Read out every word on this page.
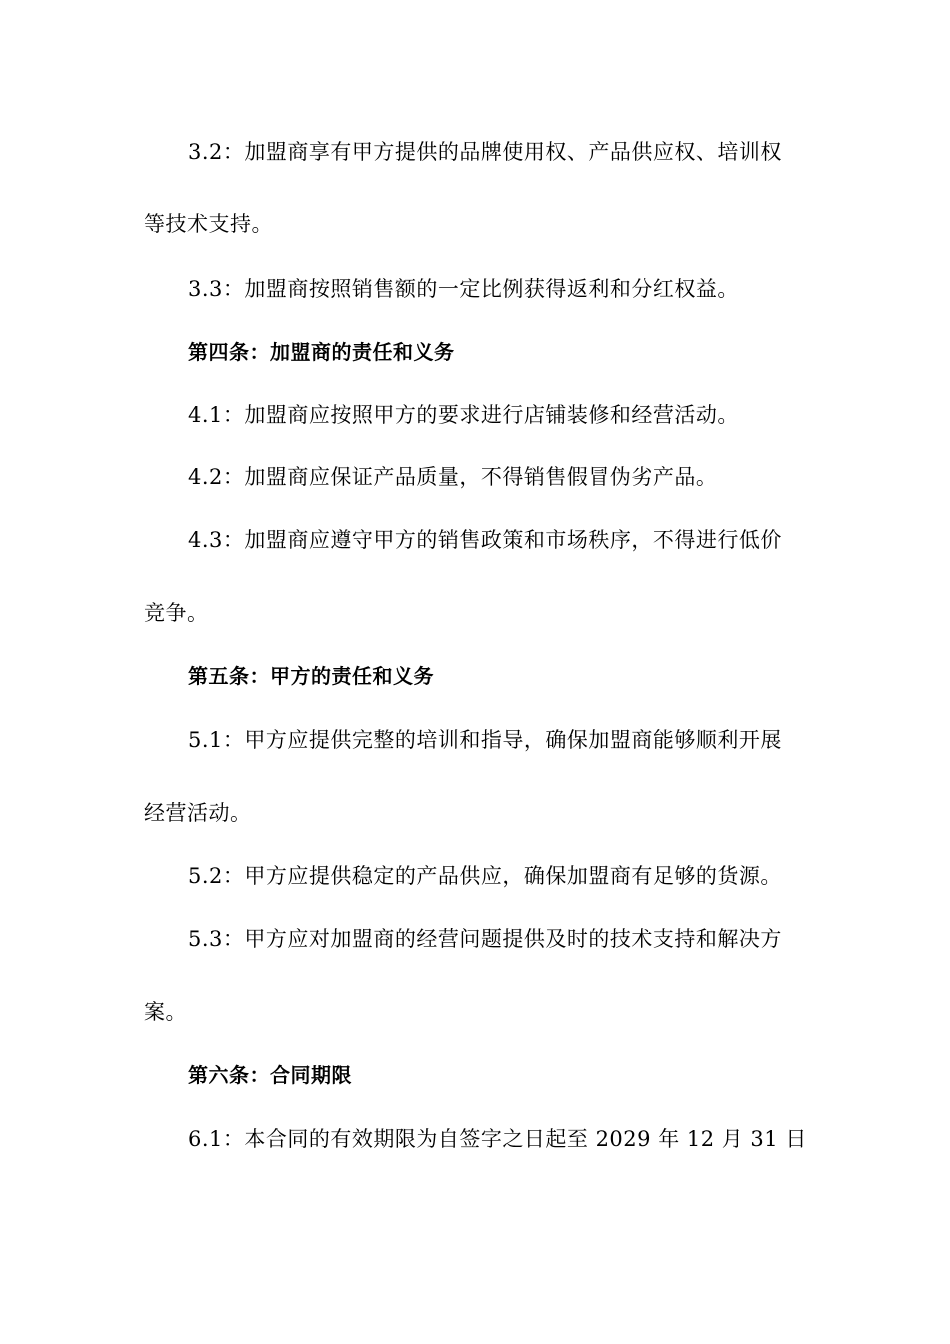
3.2：加盟商享有甲方提供的品牌使用权、产品供应权、培训权
等技术支持。
3.3：加盟商按照销售额的一定比例获得返利和分红权益。
第四条：加盟商的责任和义务
4.1：加盟商应按照甲方的要求进行店铺装修和经营活动。
4.2：加盟商应保证产品质量，不得销售假冒伪劣产品。
4.3：加盟商应遵守甲方的销售政策和市场秩序，不得进行低价
竞争。
第五条：甲方的责任和义务
5.1：甲方应提供完整的培训和指导，确保加盟商能够顺利开展
经营活动。
5.2：甲方应提供稳定的产品供应，确保加盟商有足够的货源。
5.3：甲方应对加盟商的经营问题提供及时的技术支持和解决方
案。
第六条：合同期限
6.1：本合同的有效期限为自签字之日起至 2029 年 12 月 31 日
